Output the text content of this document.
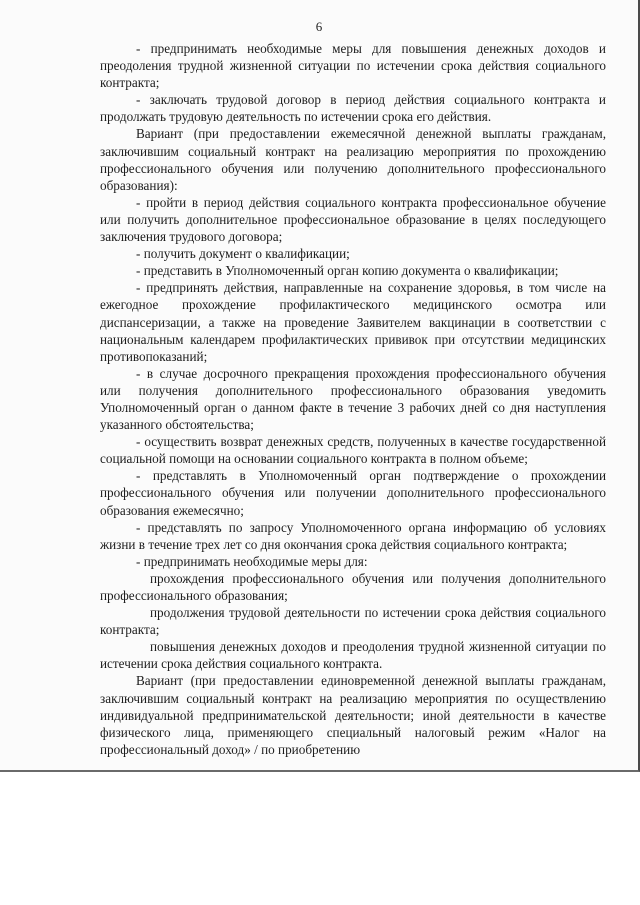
6

- предпринимать необходимые меры для повышения денежных доходов и преодоления трудной жизненной ситуации по истечении срока действия социального контракта;

- заключать трудовой договор в период действия социального контракта и продолжать трудовую деятельность по истечении срока его действия.

Вариант (при предоставлении ежемесячной денежной выплаты гражданам, заключившим социальный контракт на реализацию мероприятия по прохождению профессионального обучения или получению дополнительного профессионального образования):

- пройти в период действия социального контракта профессиональное обучение или получить дополнительное профессиональное образование в целях последующего заключения трудового договора;

- получить документ о квалификации;

- представить в Уполномоченный орган копию документа о квалификации;

- предпринять действия, направленные на сохранение здоровья, в том числе на ежегодное прохождение профилактического медицинского осмотра или диспансеризации, а также на проведение Заявителем вакцинации в соответствии с национальным календарем профилактических прививок при отсутствии медицинских противопоказаний;

- в случае досрочного прекращения прохождения профессионального обучения или получения дополнительного профессионального образования уведомить Уполномоченный орган о данном факте в течение 3 рабочих дней со дня наступления указанного обстоятельства;

- осуществить возврат денежных средств, полученных в качестве государственной социальной помощи на основании социального контракта в полном объеме;

- представлять в Уполномоченный орган подтверждение о прохождении профессионального обучения или получении дополнительного профессионального образования ежемесячно;

- представлять по запросу Уполномоченного органа информацию об условиях жизни в течение трех лет со дня окончания срока действия социального контракта;

- предпринимать необходимые меры для:

прохождения профессионального обучения или получения дополнительного профессионального образования;

продолжения трудовой деятельности по истечении срока действия социального контракта;

повышения денежных доходов и преодоления трудной жизненной ситуации по истечении срока действия социального контракта.

Вариант (при предоставлении единовременной денежной выплаты гражданам, заключившим социальный контракт на реализацию мероприятия по осуществлению индивидуальной предпринимательской деятельности; иной деятельности в качестве физического лица, применяющего специальный налоговый режим «Налог на профессиональный доход» / по приобретению
